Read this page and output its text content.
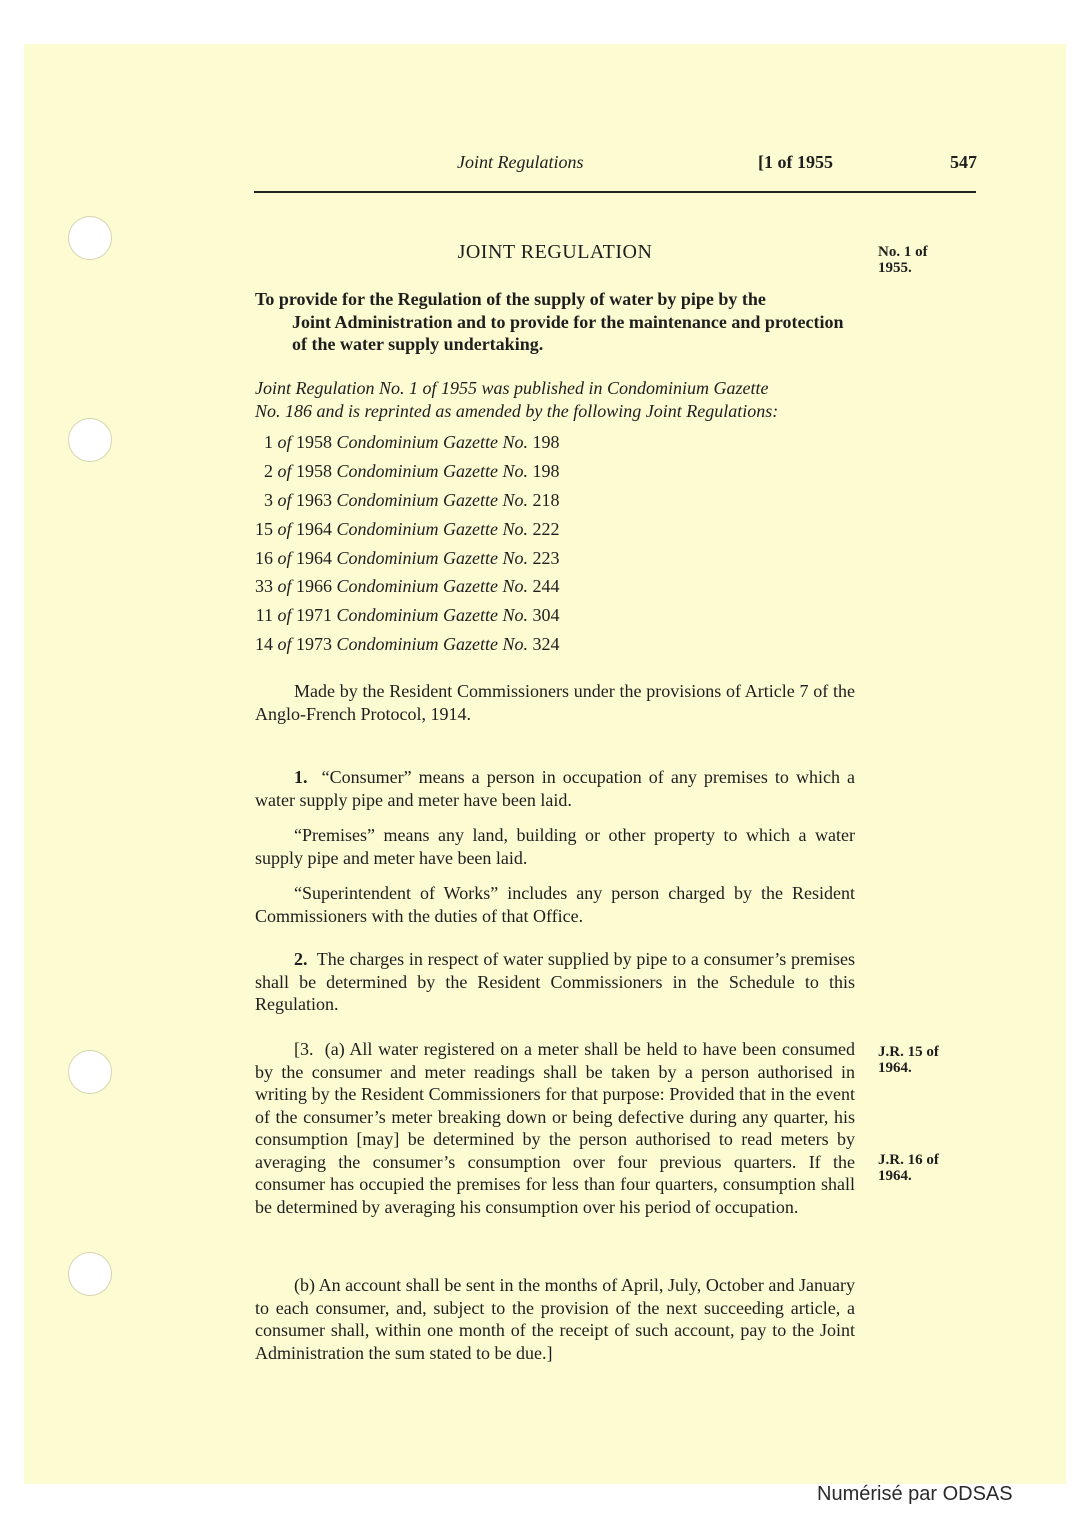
Joint Regulations	[1 of 1955	547
JOINT REGULATION	No. 1 of
1955.
To provide for the Regulation of the supply of water by pipe by the
Joint Administration and to provide for the maintenance and protection of the water supply undertaking.
Joint Regulation No. 1 of 1955 was published in Condominium Gazette
No. 186 and is reprinted as amended by the following Joint Regulations:
1 of 1958 Condominium Gazette No. 198
2 of 1958 Condominium Gazette No. 198
3 of 1963 Condominium Gazette No. 218
15 of 1964 Condominium Gazette No. 222
16 of 1964 Condominium Gazette No. 223
33 of 1966 Condominium Gazette No. 244
11 of 1971 Condominium Gazette No. 304
14 of 1973 Condominium Gazette No. 324
Made by the Resident Commissioners under the provisions of Article 7 of the Anglo-French Protocol, 1914.
1. “Consumer” means a person in occupation of any premises to which a water supply pipe and meter have been laid.
“Premises” means any land, building or other property to which a water supply pipe and meter have been laid.
“Superintendent of Works” includes any person charged by the Resident Commissioners with the duties of that Office.
2. The charges in respect of water supplied by pipe to a consumer’s premises shall be determined by the Resident Commissioners in the Schedule to this Regulation.
[3. (a) All water registered on a meter shall be held to have been consumed by the consumer and meter readings shall be taken by a person authorised in writing by the Resident Commissioners for that purpose: Provided that in the event of the consumer’s meter breaking down or being defective during any quarter, his consumption [may] be determined by the person authorised to read meters by averaging the consumer’s consumption over four previous quarters. If the consumer has occupied the premises for less than four quarters, consumption shall be determined by averaging his consumption over his period of occupation.
J.R. 15 of
1964.
J.R. 16 of
1964.
(b) An account shall be sent in the months of April, July, October and January to each consumer, and, subject to the provision of the next succeeding article, a consumer shall, within one month of the receipt of such account, pay to the Joint Administration the sum stated to be due.]
Numérisé par ODSAS
